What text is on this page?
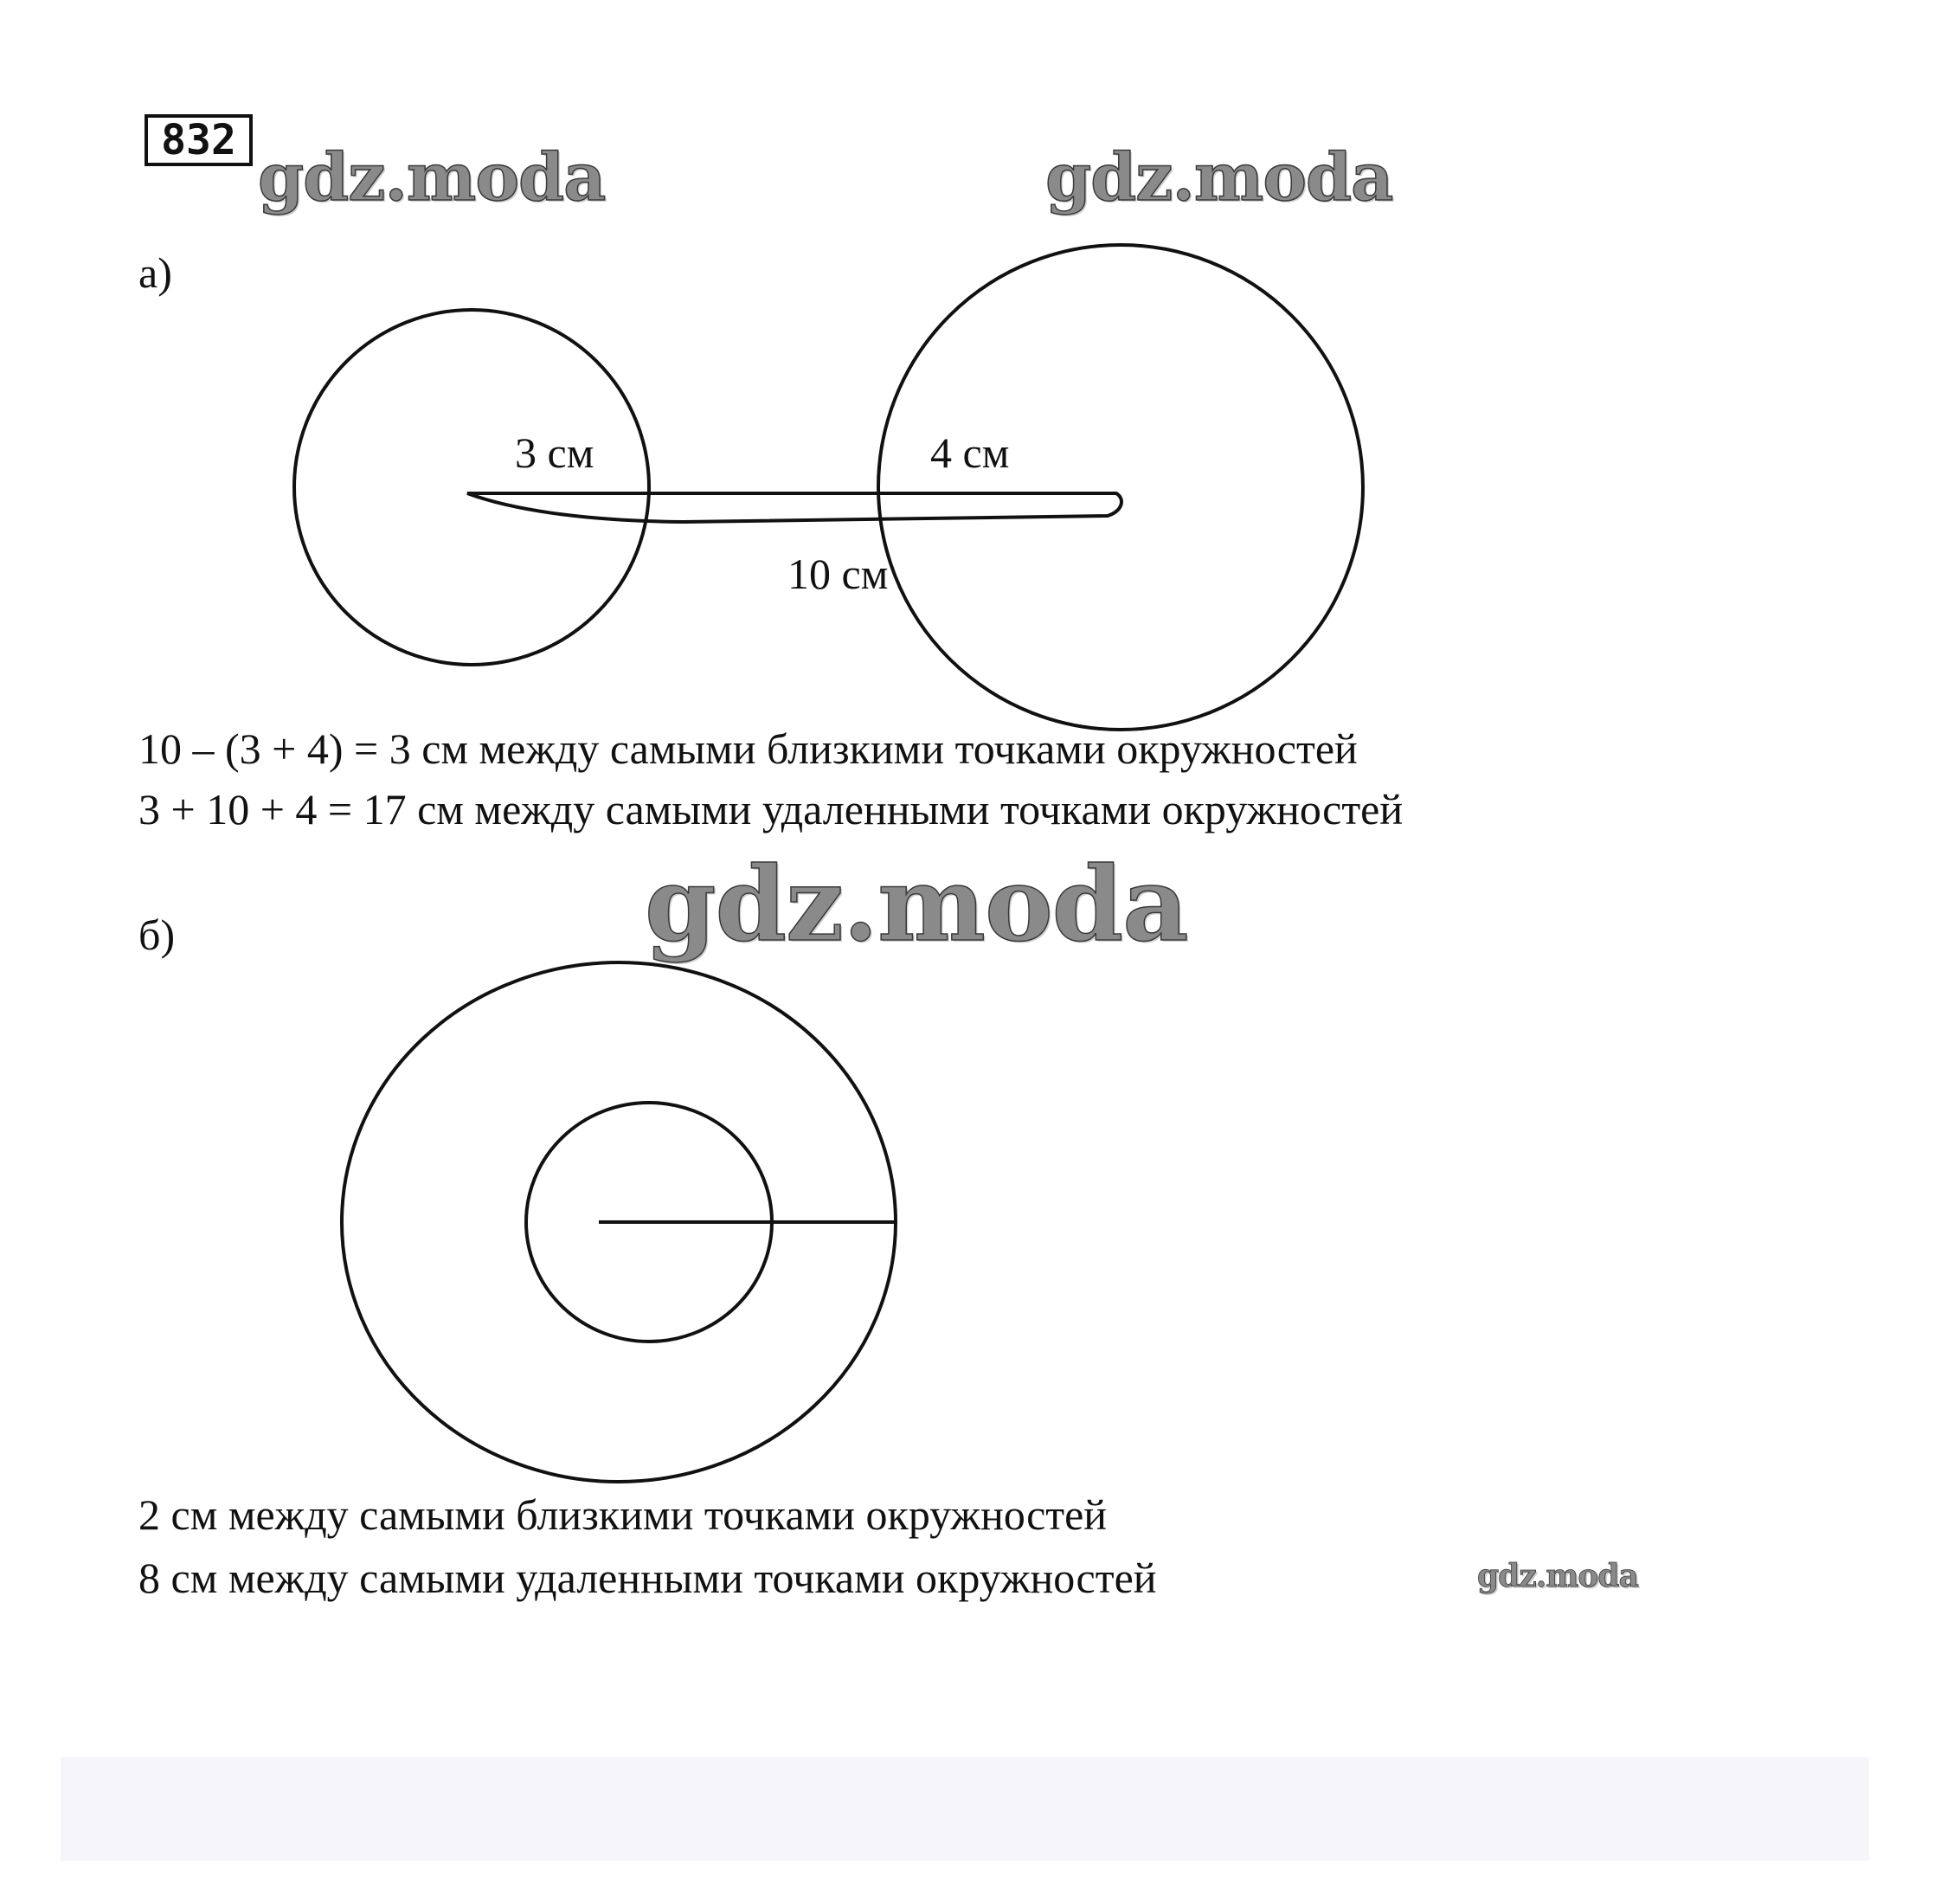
832 gdz.moda	gdz.moda
а)
3 см	4 см
10 см
10 – (3 + 4) = 3 см между самыми близкими точками окружностей
3 + 10 + 4 = 17 см между самыми удаленными точками окружностей
gdz.moda
б)
2 см между самыми близкими точками окружностей
8 см между самыми удаленными точками окружностей	gdz.moda
